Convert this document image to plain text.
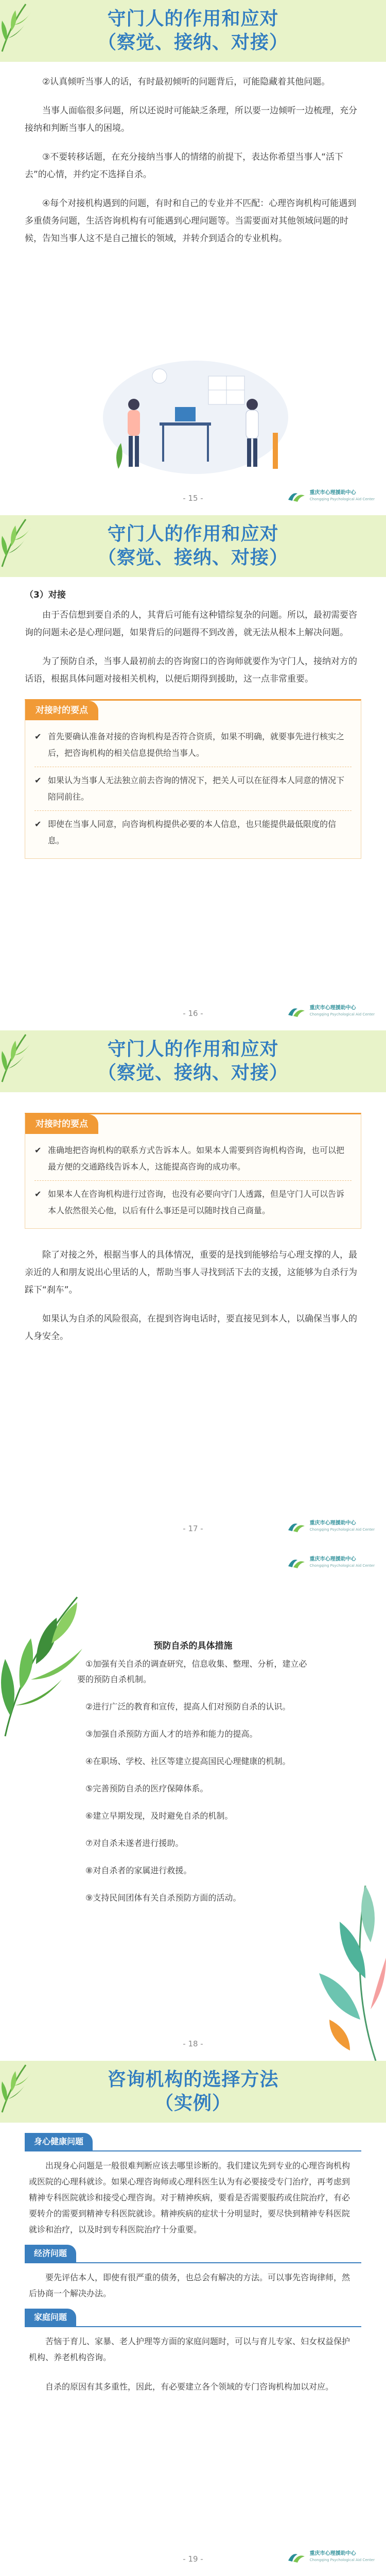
守门人的作用和应对
（察觉、接纳、对接）

②认真倾听当事人的话，有时最初倾听的问题背后，可能隐藏着其他问题。

当事人面临很多问题，所以还说时可能缺乏条理，所以要一边倾听一边梳理，充分接纳和判断当事人的困境。

③不要转移话题，在充分接纳当事人的情绪的前提下，表达你希望当事人“活下去”的心情，并约定不选择自杀。

④每个对接机构遇到的问题，有时和自己的专业并不匹配：心理咨询机构可能遇到多重债务问题，生活咨询机构有可能遇到心理问题等。当需要面对其他领域问题的时候，告知当事人这不是自己擅长的领域，并转介到适合的专业机构。

- 15 -
重庆市心理援助中心
Chongqing Psychological Aid Center
守门人的作用和应对
（察觉、接纳、对接）
（3）对接

由于否信想到要自杀的人，其背后可能有这种错综复杂的问题。所以，最初需要咨询的问题未必是心理问题，如果背后的问题得不到改善，就无法从根本上解决问题。

为了预防自杀，当事人最初前去的咨询窗口的咨询师就要作为守门人，接纳对方的话语，根据具体问题对接相关机构，以便后期得到援助，这一点非常重要。

对接时的要点
✔ 首先要确认准备对接的咨询机构是否符合资质，如果不明确，就要事先进行核实之后，把咨询机构的相关信息提供给当事人。
✔ 如果认为当事人无法独立前去咨询的情况下，把关人可以在征得本人同意的情况下陪同前往。
✔ 即使在当事人同意，向咨询机构提供必要的本人信息，也只能提供最低限度的信息。
- 16 -
重庆市心理援助中心
Chongqing Psychological Aid Center
守门人的作用和应对
（察觉、接纳、对接）
对接时的要点
✔ 准确地把咨询机构的联系方式告诉本人。如果本人需要到咨询机构咨询，也可以把最方便的交通路线告诉本人，这能提高咨询的成功率。
✔ 如果本人在咨询机构进行过咨询，也没有必要向守门人透露，但是守门人可以告诉本人依然很关心他，以后有什么事还是可以随时找自己商量。

除了对接之外，根据当事人的具体情况，重要的是找到能够给与心理支撑的人，最亲近的人和朋友说出心里话的人，帮助当事人寻找到活下去的支援，这能够为自杀行为踩下“刹车”。

如果认为自杀的风险很高，在提到咨询电话时，要直接见到本人，以确保当事人的人身安全。

- 17 -
重庆市心理援助中心
Chongqing Psychological Aid Center
重庆市心理援助中心
Chongqing Psychological Aid Center
预防自杀的具体措施

①加强有关自杀的调查研究，信息收集、整理、分析，建立必要的预防自杀机制。

②进行广泛的教育和宣传，提高人们对预防自杀的认识。

③加强自杀预防方面人才的培养和能力的提高。

④在职场、学校、社区等建立提高国民心理健康的机制。

⑤完善预防自杀的医疗保障体系。

⑥建立早期发现，及时避免自杀的机制。

⑦对自杀未遂者进行援助。

⑧对自杀者的家属进行救援。

⑨支持民间团体有关自杀预防方面的活动。

- 18 -
咨询机构的选择方法
（实例）
身心健康问题
出现身心问题是一般很难判断应该去哪里诊断的。我们建议先到专业的心理咨询机构或医院的心理科就诊。如果心理咨询师或心理科医生认为有必要接受专门治疗，再考虑到精神专科医院就诊和接受心理咨询。对于精神疾病，要看是否需要服药或住院治疗，有必要转介的需要到精神专科医院就诊。精神疾病的症状十分明显时，要尽快到精神专科医院就诊和治疗，以及时到专科医院治疗十分重要。
经济问题
要先评估本人，即使有很严重的债务，也总会有解决的方法。可以事先咨询律师，然后协商一个解决办法。
家庭问题
苦恼于育儿、家暴、老人护理等方面的家庭问题时，可以与育儿专家、妇女权益保护机构、养老机构咨询。
自杀的原因有其多重性，因此，有必要建立各个领域的专门咨询机构加以对应。
- 19 -
重庆市心理援助中心
Chongqing Psychological Aid Center
